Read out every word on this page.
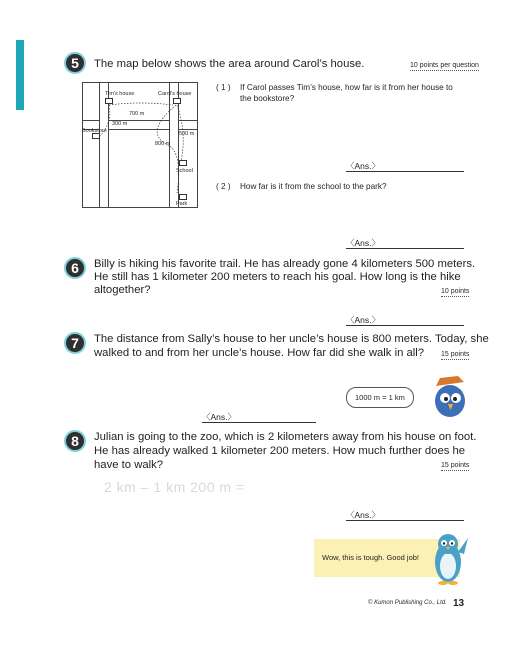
5	The map below shows the area around Carol’s house.	10 points per question
Tim's house	Carol's house
Bookstore
School
Park
700 m
300 m
500 m
800 m
( 1 ) If Carol passes Tim’s house, how far is it from her house to
the bookstore?
〈Ans.〉
( 2 ) How far is it from the school to the park?
〈Ans.〉
6	Billy is hiking his favorite trail. He has already gone 4 kilometers 500 meters.
He still has 1 kilometer 200 meters to reach his goal. How long is the hike
altogether?	10 points
〈Ans.〉
7	The distance from Sally’s house to her uncle’s house is 800 meters. Today, she
walked to and from her uncle’s house. How far did she walk in all? 15 points
1000 m = 1 km
〈Ans.〉
8	Julian is going to the zoo, which is 2 kilometers away from his house on foot.
He has already walked 1 kilometer 200 meters. How much further does he
have to walk?	15 points
2 km – 1 km 200 m =
〈Ans.〉
Wow, this is tough. Good job!
© Kumon Publishing Co., Ltd. 13
